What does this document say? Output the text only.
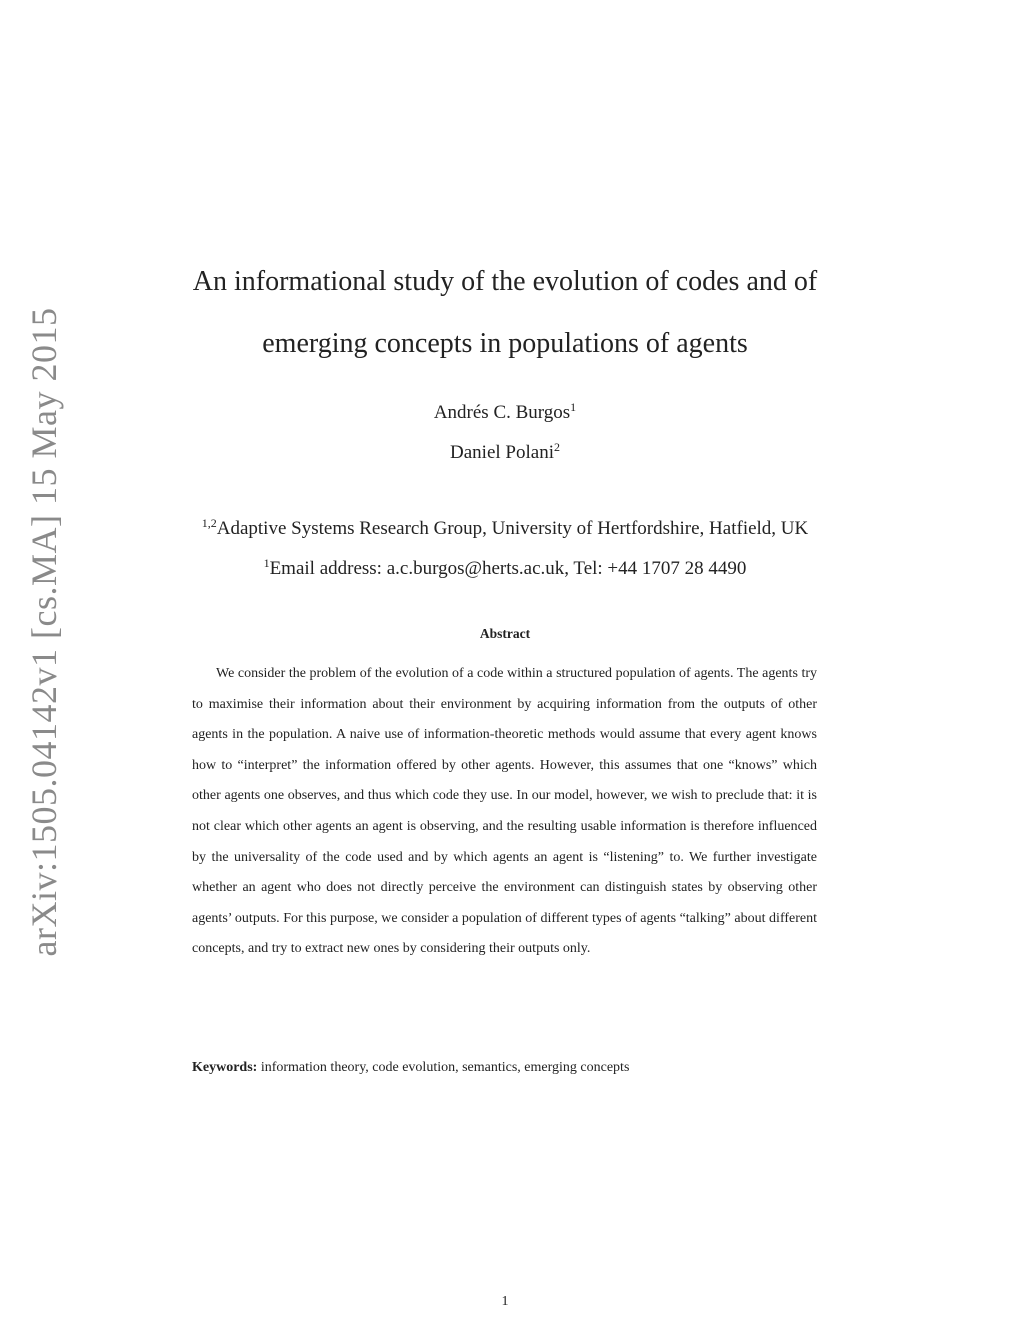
arXiv:1505.04142v1 [cs.MA] 15 May 2015
An informational study of the evolution of codes and of
emerging concepts in populations of agents
Andrés C. Burgos$^1$
Daniel Polani$^2$
$^{1,2}$Adaptive Systems Research Group, University of Hertfordshire, Hatfield, UK
$^1$Email address: a.c.burgos@herts.ac.uk, Tel: +44 1707 28 4490
Abstract

We consider the problem of the evolution of a code within a structured population of agents. The agents try to maximise their information about their environment by acquiring information from the outputs of other agents in the population. A naive use of information-theoretic methods would assume that every agent knows how to “interpret” the information offered by other agents. However, this assumes that one “knows” which other agents one observes, and thus which code they use. In our model, however, we wish to preclude that: it is not clear which other agents an agent is observing, and the resulting usable information is therefore influenced by the universality of the code used and by which agents an agent is “listening” to. We further investigate whether an agent who does not directly perceive the environment can distinguish states by observing other agents’ outputs. For this purpose, we consider a population of different types of agents “talking” about different concepts, and try to extract new ones by considering their outputs only.

Keywords: information theory, code evolution, semantics, emerging concepts
1
